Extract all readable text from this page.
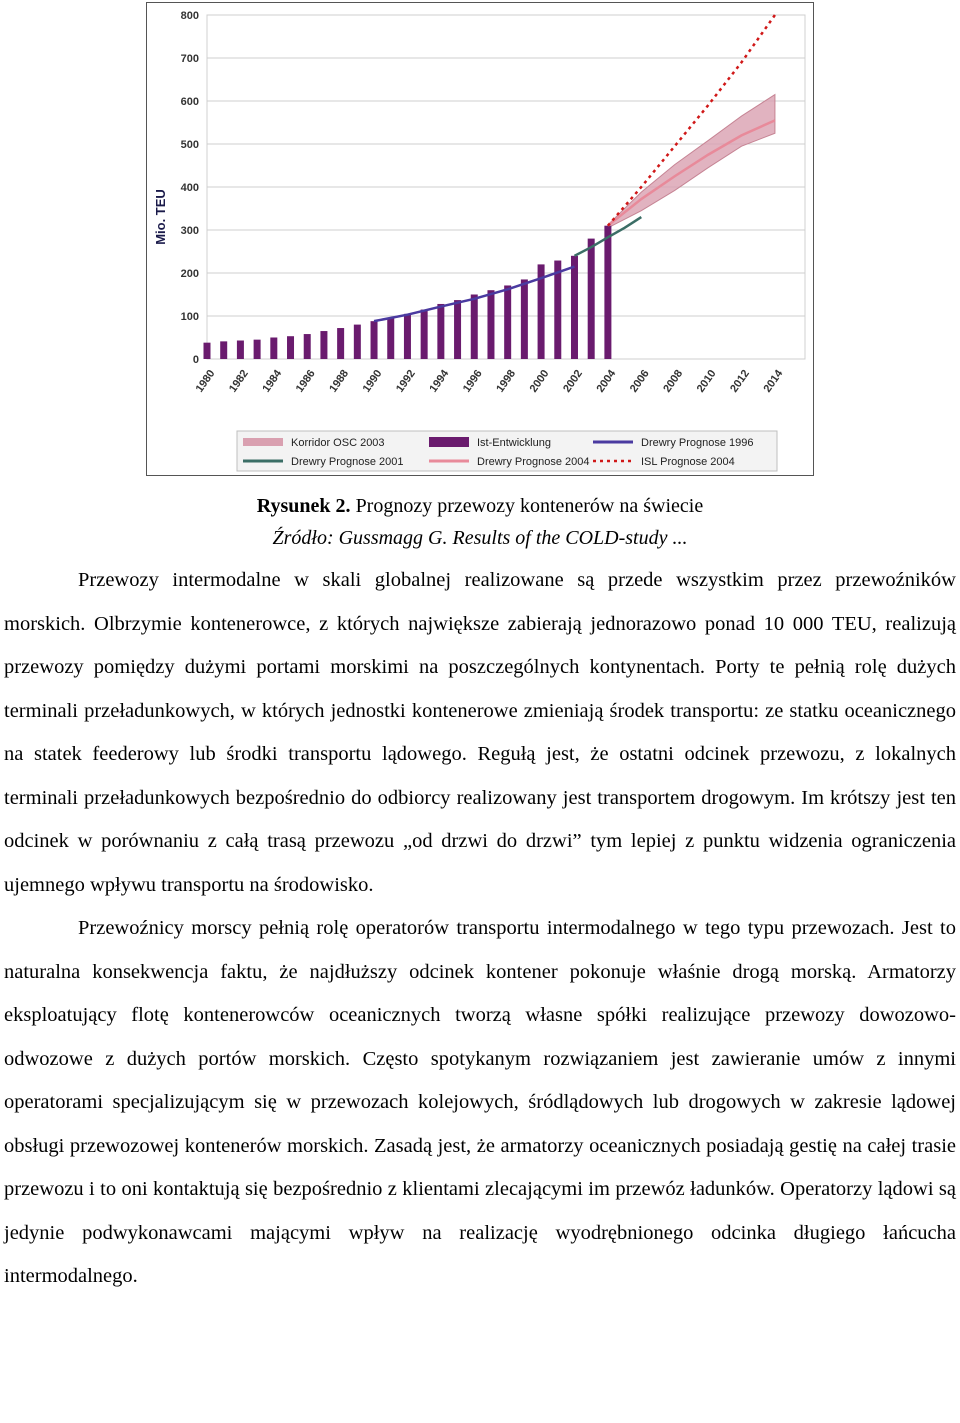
0
100
200
300
400
500
600
700
800
Mio. TEU
1980 1982 1984 1986 1988 1990 1992 1994 1996 1998 2000 2002 2004 2006 2008 2010 2012 2014
Korridor OSC 2003	Ist-Entwicklung	Drewry Prognose 1996
Drewry Prognose 2001	Drewry Prognose 2004	ISL Prognose 2004
Rysunek 2. Prognozy przewozy kontenerów na świecie
Źródło: Gussmagg G. Results of the COLD-study ...

Przewozy intermodalne w skali globalnej realizowane są przede wszystkim przez przewoźników morskich. Olbrzymie kontenerowce, z których największe zabierają jednorazowo ponad 10 000 TEU, realizują przewozy pomiędzy dużymi portami morskimi na poszczególnych kontynentach. Porty te pełnią rolę dużych terminali przeładunkowych, w których jednostki kontenerowe zmieniają środek transportu: ze statku oceanicznego na statek feederowy lub środki transportu lądowego. Regułą jest, że ostatni odcinek przewozu, z lokalnych terminali przeładunkowych bezpośrednio do odbiorcy realizowany jest transportem drogowym. Im krótszy jest ten odcinek w porównaniu z całą trasą przewozu „od drzwi do drzwi” tym lepiej z punktu widzenia ograniczenia ujemnego wpływu transportu na środowisko.

Przewoźnicy morscy pełnią rolę operatorów transportu intermodalnego w tego typu przewozach. Jest to naturalna konsekwencja faktu, że najdłuższy odcinek kontener pokonuje właśnie drogą morską. Armatorzy eksploatujący flotę kontenerowców oceanicznych tworzą własne spółki realizujące przewozy dowozowo-odwozowe z dużych portów morskich. Często spotykanym rozwiązaniem jest zawieranie umów z innymi operatorami specjalizującym się w przewozach kolejowych, śródlądowych lub drogowych w zakresie lądowej obsługi przewozowej kontenerów morskich. Zasadą jest, że armatorzy oceanicznych posiadają gestię na całej trasie przewozu i to oni kontaktują się bezpośrednio z klientami zlecającymi im przewóz ładunków. Operatorzy lądowi są jedynie podwykonawcami mającymi wpływ na realizację wyodrębnionego odcinka długiego łańcucha intermodalnego.
